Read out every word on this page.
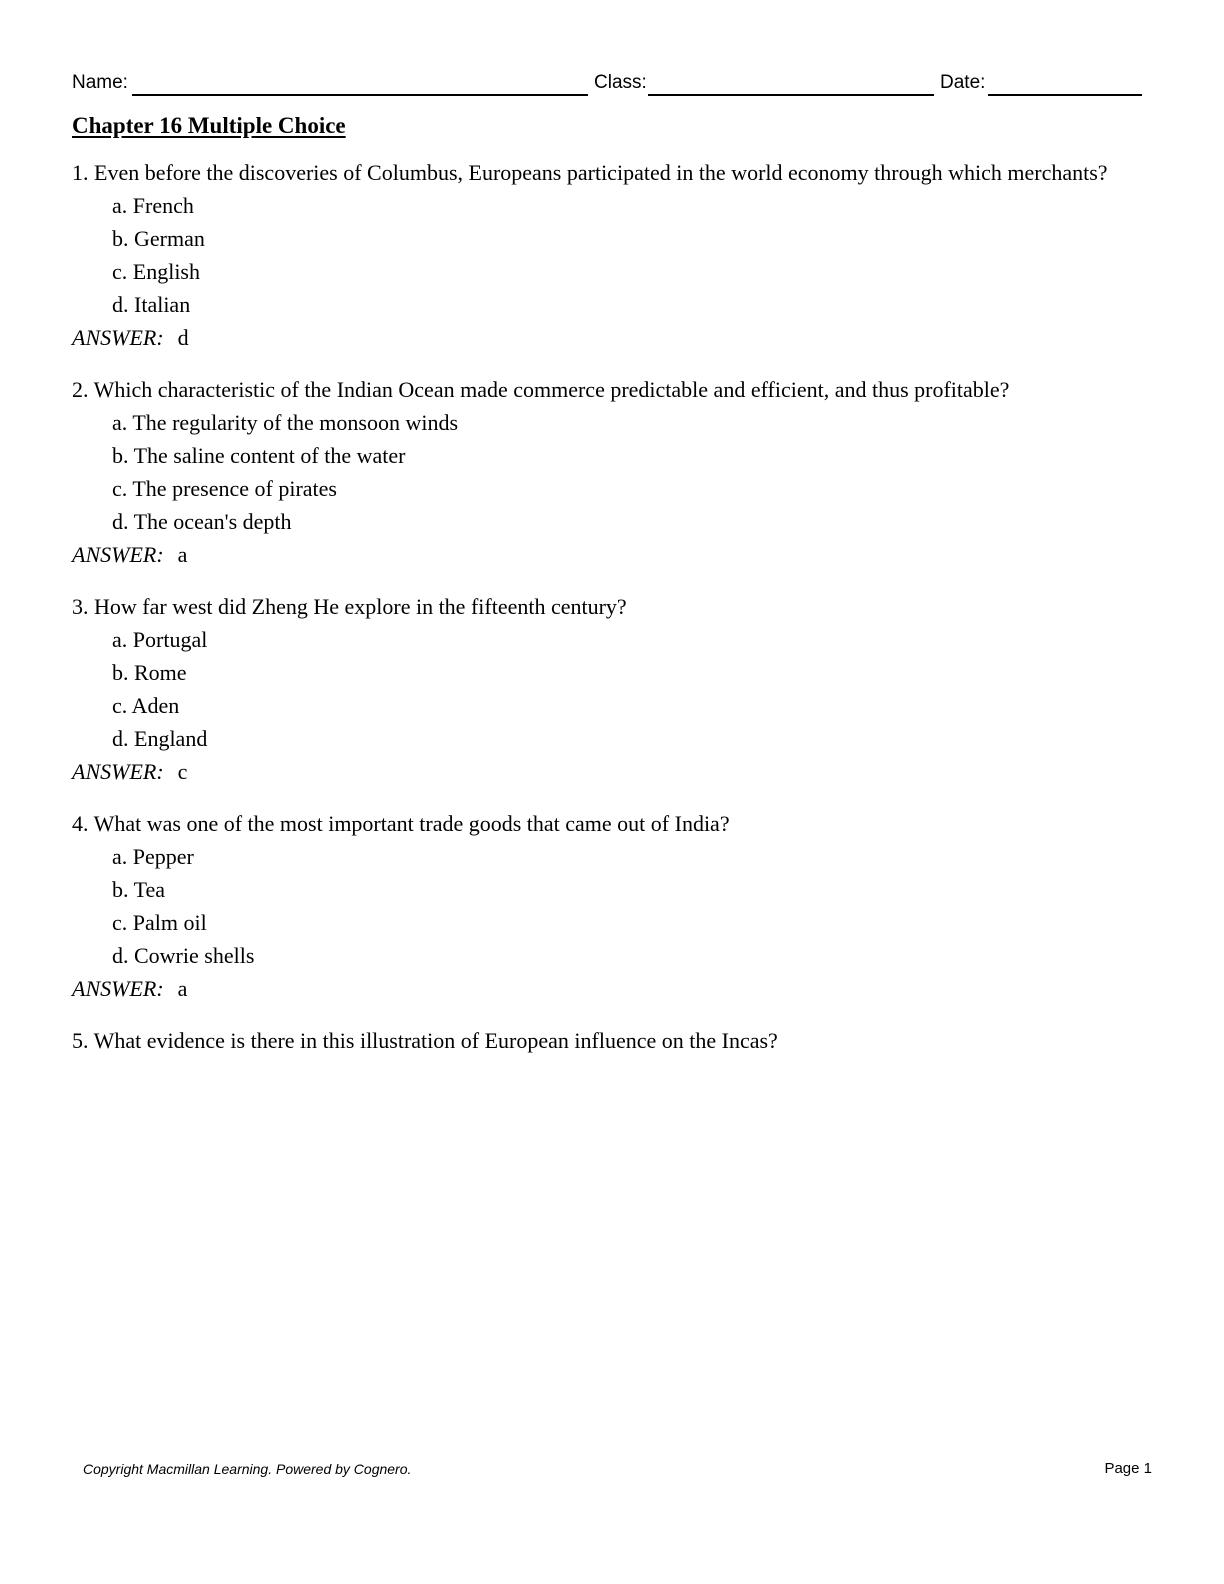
Name:	Class:	Date:
Chapter 16 Multiple Choice
1. Even before the discoveries of Columbus, Europeans participated in the world economy through which merchants?
a. French
b. German
c. English
d. Italian
ANSWER: d
2. Which characteristic of the Indian Ocean made commerce predictable and efficient, and thus profitable?
a. The regularity of the monsoon winds
b. The saline content of the water
c. The presence of pirates
d. The ocean's depth
ANSWER: a
3. How far west did Zheng He explore in the fifteenth century?
a. Portugal
b. Rome
c. Aden
d. England
ANSWER: c
4. What was one of the most important trade goods that came out of India?
a. Pepper
b. Tea
c. Palm oil
d. Cowrie shells
ANSWER: a
5. What evidence is there in this illustration of European influence on the Incas?
Copyright Macmillan Learning. Powered by Cognero.	Page 1
